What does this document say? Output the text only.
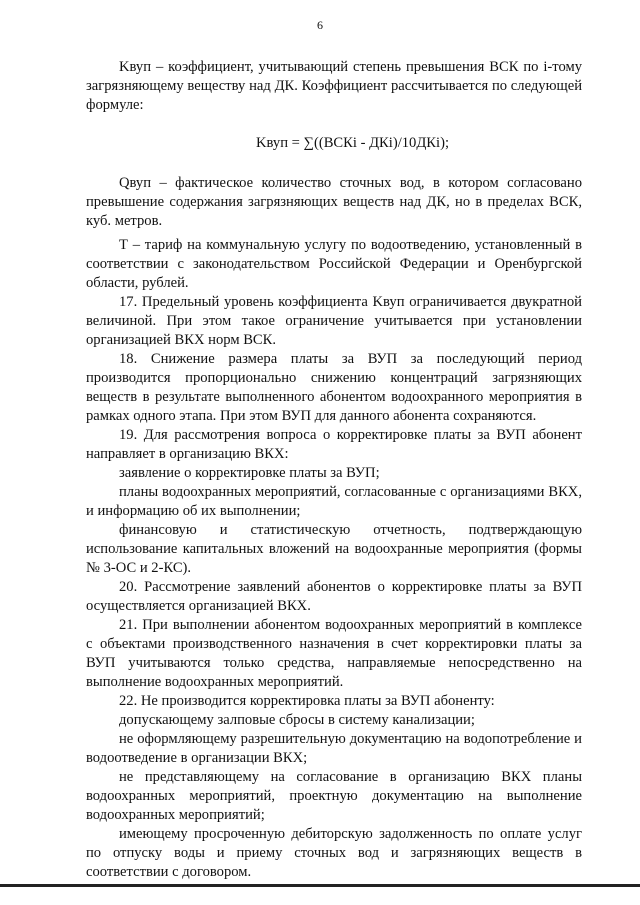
6

Kвуп – коэффициент, учитывающий степень превышения ВСК по i-тому загрязняющему веществу над ДК. Коэффициент рассчитывается по следующей формуле:

Kвуп = ∑((ВСКi - ДКi)/10ДКi);

Qвуп – фактическое количество сточных вод, в котором согласовано превышение содержания загрязняющих веществ над ДК, но в пределах ВСК, куб. метров.

Т – тариф на коммунальную услугу по водоотведению, установленный в соответствии с законодательством Российской Федерации и Оренбургской области, рублей.

17. Предельный уровень коэффициента Kвуп ограничивается двукратной величиной. При этом такое ограничение учитывается при установлении организацией ВКХ норм ВСК.

18. Снижение размера платы за ВУП за последующий период производится пропорционально снижению концентраций загрязняющих веществ в результате выполненного абонентом водоохранного мероприятия в рамках одного этапа. При этом ВУП для данного абонента сохраняются.

19. Для рассмотрения вопроса о корректировке платы за ВУП абонент направляет в организацию ВКХ:

заявление о корректировке платы за ВУП;

планы водоохранных мероприятий, согласованные с организациями ВКХ, и информацию об их выполнении;

финансовую и статистическую отчетность, подтверждающую использование капитальных вложений на водоохранные мероприятия (формы № 3-ОС и 2-КС).

20. Рассмотрение заявлений абонентов о корректировке платы за ВУП осуществляется организацией ВКХ.

21. При выполнении абонентом водоохранных мероприятий в комплексе с объектами производственного назначения в счет корректировки платы за ВУП учитываются только средства, направляемые непосредственно на выполнение водоохранных мероприятий.

22. Не производится корректировка платы за ВУП абоненту:

допускающему залповые сбросы в систему канализации;

не оформляющему разрешительную документацию на водопотребление и водоотведение в организации ВКХ;

не представляющему на согласование в организацию ВКХ планы водоохранных мероприятий, проектную документацию на выполнение водоохранных мероприятий;

имеющему просроченную дебиторскую задолженность по оплате услуг по отпуску воды и приему сточных вод и загрязняющих веществ в соответствии с договором.
